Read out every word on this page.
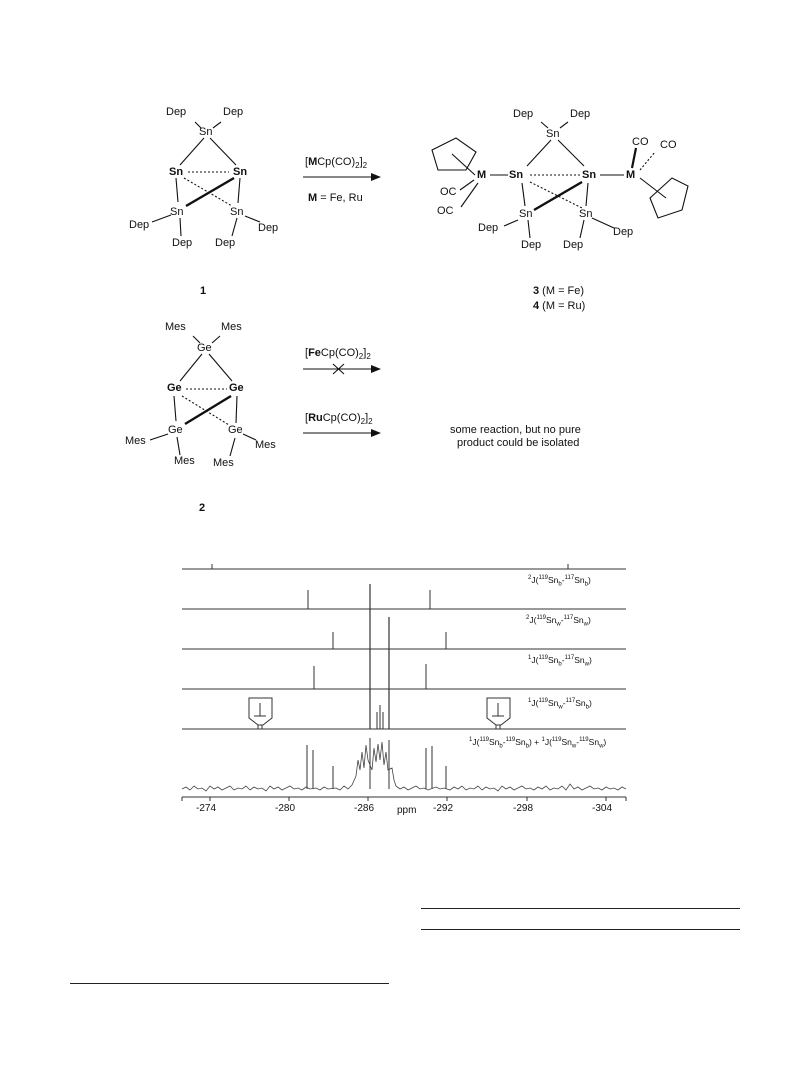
Dep	Dep
Sn
Sn	Sn
Sn	Sn
Dep
Dep Dep
Dep
1
$[MCp(CO)_2]_2$
M = Fe, Ru
Dep	Dep
Sn
M Sn	Sn	M
OC
OC
CO CO
Sn	Sn
Dep
Dep Dep
Dep
3 (M = Fe)
4 (M = Ru)
Mes	Mes
Ge
Ge	Ge
Ge	Ge
Mes
Mes Mes
Mes
2
$[FeCp(CO)_2]_2$
$[RuCp(CO)_2]_2$
some reaction, but no pure
product could be isolated
$^2J(^{119}Sn_b-^{117}Sn_b)$
$^2J(^{119}Sn_w-^{117}Sn_w)$
$^1J(^{119}Sn_b-^{117}Sn_w)$
$^1J(^{119}Sn_w-^{117}Sn_b)$
$^1J(^{119}Sn_b-^{119}Sn_b) + ^1J(^{119}Sn_w-^{119}Sn_w)$
-274	-280	-286	-292	-298	-304
ppm
